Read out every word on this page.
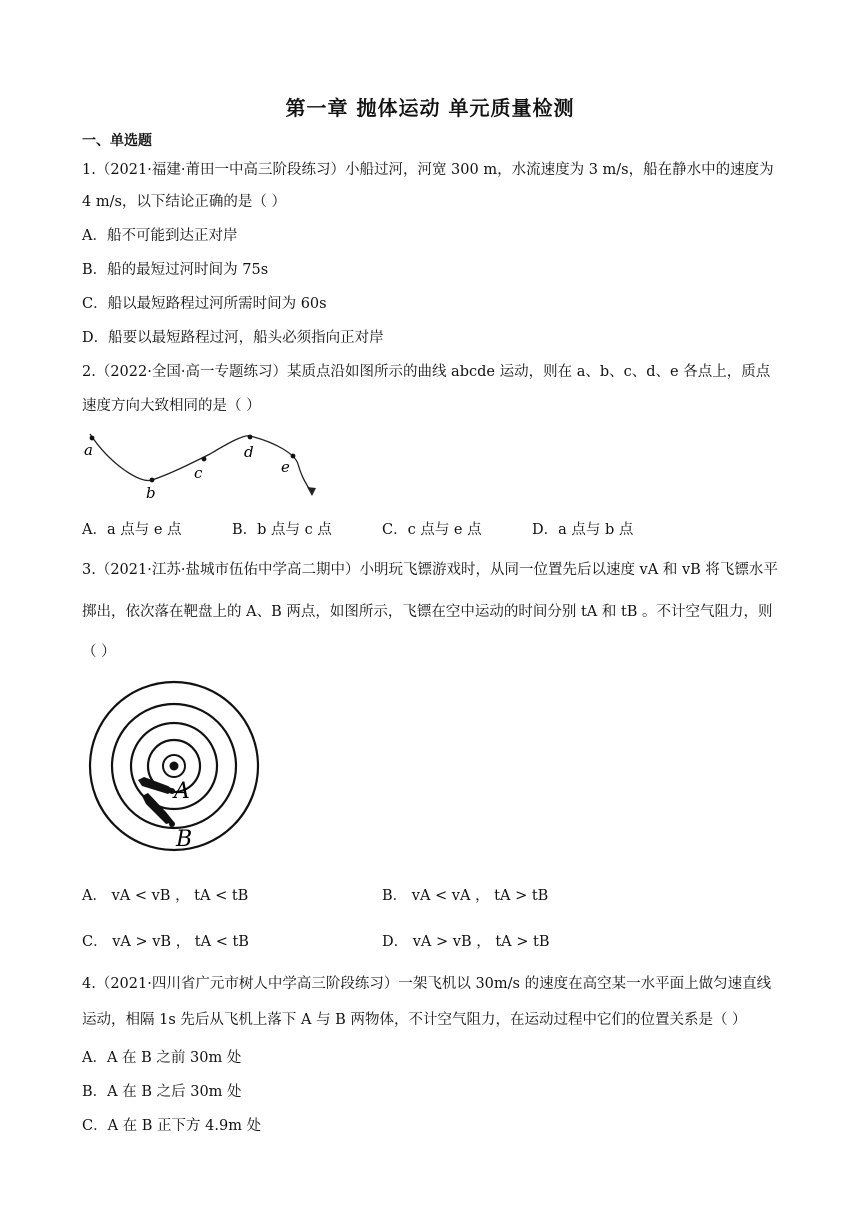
第一章 抛体运动 单元质量检测
一、单选题
1.（2021·福建·莆田一中高三阶段练习）小船过河，河宽 300 m，水流速度为 3 m/s，船在静水中的速度为
4 m/s，以下结论正确的是（ ）
A．船不可能到达正对岸
B．船的最短过河时间为 75s
C．船以最短路程过河所需时间为 60s
D．船要以最短路程过河，船头必须指向正对岸
2.（2022·全国·高一专题练习）某质点沿如图所示的曲线 abcde 运动，则在 a、b、c、d、e 各点上，质点
速度方向大致相同的是（ ）
a
b
c
d
e
A．a 点与 e 点	B．b 点与 c 点	C．c 点与 e 点	D．a 点与 b 点
3.（2021·江苏·盐城市伍佑中学高二期中）小明玩飞镖游戏时，从同一位置先后以速度 vA 和 vB 将飞镖水平
掷出，依次落在靶盘上的 A、B 两点，如图所示，飞镖在空中运动的时间分别 tA 和 tB 。不计空气阻力，则
（ ）
A
B
A． vA < vB ， tA < tB	B． vA < vA ， tA > tB
C． vA > vB ， tA < tB	D． vA > vB ， tA > tB
4.（2021·四川省广元市树人中学高三阶段练习）一架飞机以 30m/s 的速度在高空某一水平面上做匀速直线
运动，相隔 1s 先后从飞机上落下 A 与 B 两物体，不计空气阻力，在运动过程中它们的位置关系是（ ）
A．A 在 B 之前 30m 处
B．A 在 B 之后 30m 处
C．A 在 B 正下方 4.9m 处
